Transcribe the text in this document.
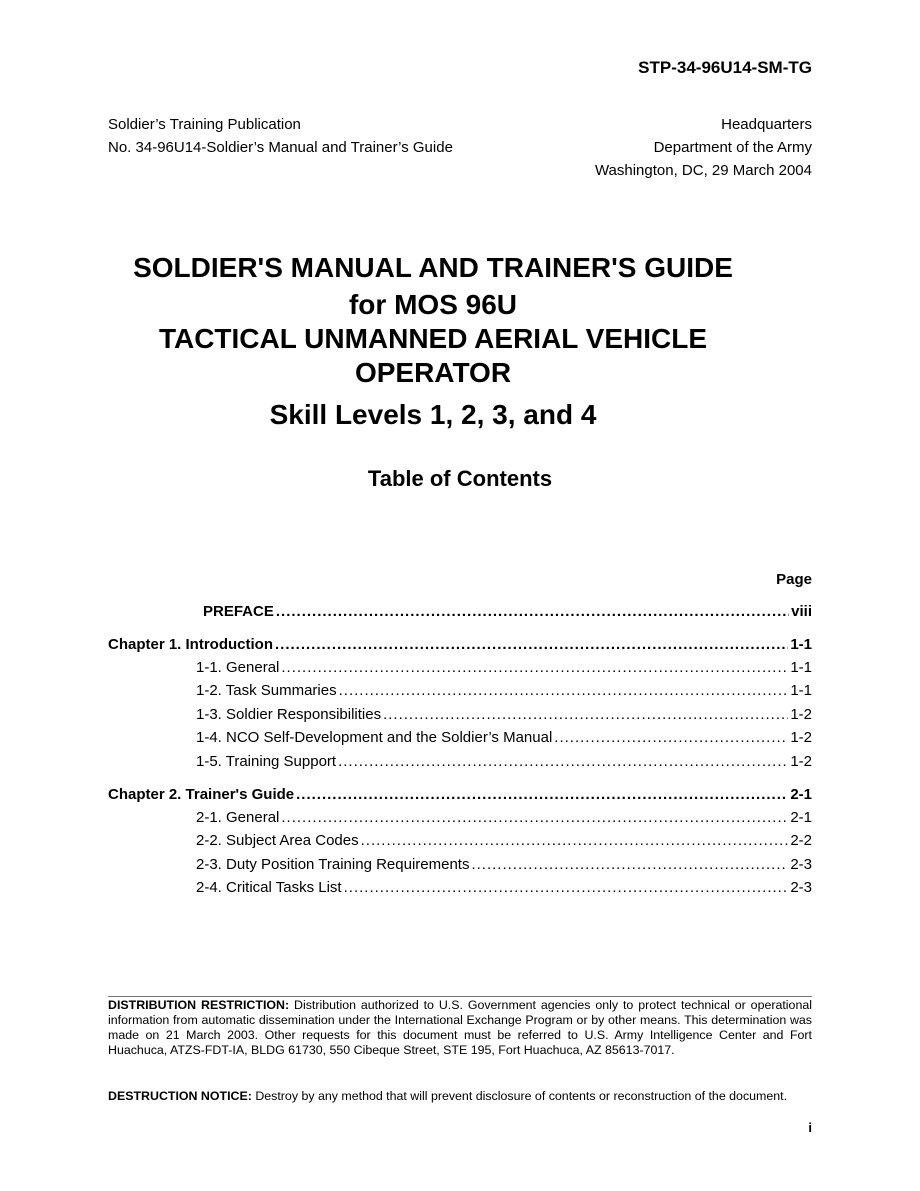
STP-34-96U14-SM-TG
Soldier’s Training Publication
No. 34-96U14-Soldier’s Manual and Trainer’s Guide
Headquarters
Department of the Army
Washington, DC, 29 March 2004
SOLDIER'S MANUAL AND TRAINER'S GUIDE
for MOS 96U
TACTICAL UNMANNED AERIAL VEHICLE
OPERATOR
Skill Levels 1, 2, 3, and 4
Table of Contents
Page
PREFACE .....	viii
Chapter 1. Introduction .....	1-1
1-1. General .....	1-1
1-2. Task Summaries .....	1-1
1-3. Soldier Responsibilities .....	1-2
1-4. NCO Self-Development and the Soldier’s Manual .....	1-2
1-5. Training Support .....	1-2
Chapter 2. Trainer's Guide .....	2-1
2-1. General .....	2-1
2-2. Subject Area Codes .....	2-2
2-3. Duty Position Training Requirements .....	2-3
2-4. Critical Tasks List .....	2-3
DISTRIBUTION RESTRICTION: Distribution authorized to U.S. Government agencies only to protect technical or operational information from automatic dissemination under the International Exchange Program or by other means. This determination was made on 21 March 2003. Other requests for this document must be referred to U.S. Army Intelligence Center and Fort Huachuca, ATZS-FDT-IA, BLDG 61730, 550 Cibeque Street, STE 195, Fort Huachuca, AZ 85613-7017.
DESTRUCTION NOTICE: Destroy by any method that will prevent disclosure of contents or reconstruction of the document.
i
